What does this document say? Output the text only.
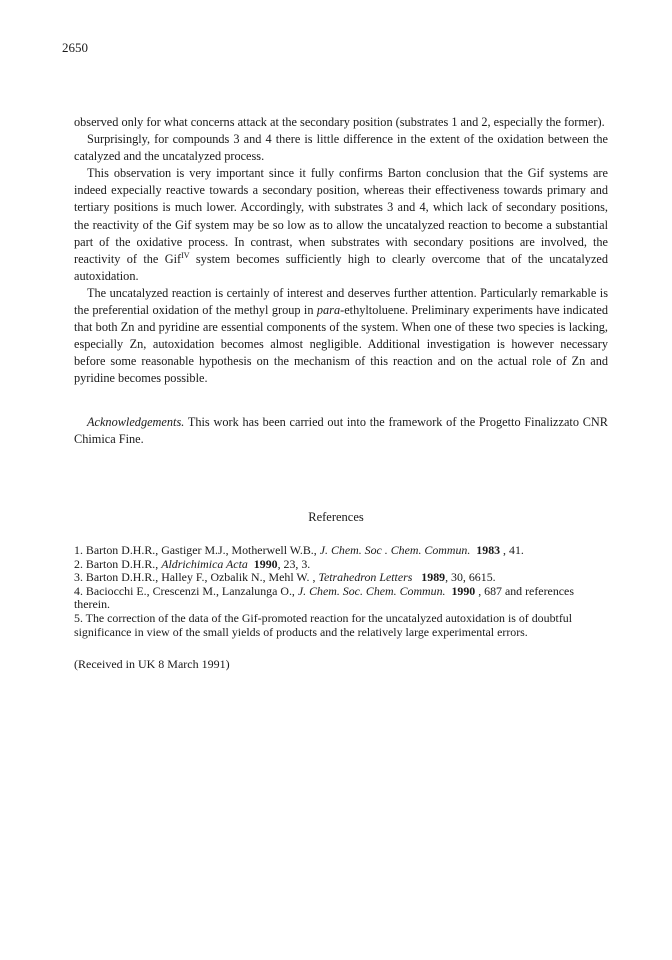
2650

observed only for what concerns attack at the secondary position (substrates 1 and 2, especially the former).

Surprisingly, for compounds 3 and 4 there is little difference in the extent of the oxidation between the catalyzed and the uncatalyzed process.

This observation is very important since it fully confirms Barton conclusion that the Gif systems are indeed expecially reactive towards a secondary position, whereas their effectiveness towards primary and tertiary positions is much lower. Accordingly, with substrates 3 and 4, which lack of secondary positions, the reactivity of the Gif system may be so low as to allow the uncatalyzed reaction to become a substantial part of the oxidative process. In contrast, when substrates with secondary positions are involved, the reactivity of the Gif$^{IV}$ system becomes sufficiently high to clearly overcome that of the uncatalyzed autoxidation.

The uncatalyzed reaction is certainly of interest and deserves further attention. Particularly remarkable is the preferential oxidation of the methyl group in para-ethyltoluene. Preliminary experiments have indicated that both Zn and pyridine are essential components of the system. When one of these two species is lacking, especially Zn, autoxidation becomes almost negligible. Additional investigation is however necessary before some reasonable hypothesis on the mechanism of this reaction and on the actual role of Zn and pyridine becomes possible.

Acknowledgements. This work has been carried out into the framework of the Progetto Finalizzato CNR Chimica Fine.
References
1. Barton D.H.R., Gastiger M.J., Motherwell W.B., J. Chem. Soc . Chem. Commun. 1983 , 41.
2. Barton D.H.R., Aldrichimica Acta 1990, 23, 3.
3. Barton D.H.R., Halley F., Ozbalik N., Mehl W. , Tetrahedron Letters 1989, 30, 6615.
4. Baciocchi E., Crescenzi M., Lanzalunga O., J. Chem. Soc. Chem. Commun. 1990 , 687 and references therein.
5. The correction of the data of the Gif-promoted reaction for the uncatalyzed autoxidation is of doubtful significance in view of the small yields of products and the relatively large experimental errors.
(Received in UK 8 March 1991)
